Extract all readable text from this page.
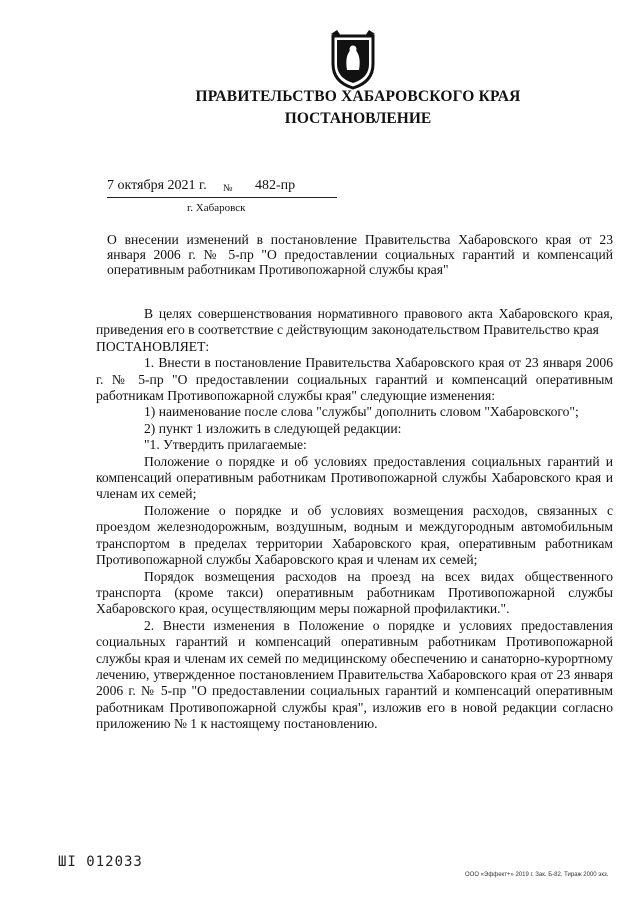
ПРАВИТЕЛЬСТВО ХАБАРОВСКОГО КРАЯ
ПОСТАНОВЛЕНИЕ
7 октября 2021 г. № 482-пр
г. Хабаровск
О внесении изменений в постановление Правительства Хабаровского края от 23 января 2006 г. № 5-пр "О предоставлении социальных гарантий и компенсаций оперативным работникам Противопожарной службы края"

В целях совершенствования нормативного правового акта Хабаровского края, приведения его в соответствие с действующим законодательством Правительство края

ПОСТАНОВЛЯЕТ:

1. Внести в постановление Правительства Хабаровского края от 23 января 2006 г. № 5-пр "О предоставлении социальных гарантий и компенсаций оперативным работникам Противопожарной службы края" следующие изменения:

1) наименование после слова "службы" дополнить словом "Хабаровского";

2) пункт 1 изложить в следующей редакции:

"1. Утвердить прилагаемые:

Положение о порядке и об условиях предоставления социальных гарантий и компенсаций оперативным работникам Противопожарной службы Хабаровского края и членам их семей;

Положение о порядке и об условиях возмещения расходов, связанных с проездом железнодорожным, воздушным, водным и междугородным автомобильным транспортом в пределах территории Хабаровского края, оперативным работникам Противопожарной службы Хабаровского края и членам их семей;

Порядок возмещения расходов на проезд на всех видах общественного транспорта (кроме такси) оперативным работникам Противопожарной службы Хабаровского края, осуществляющим меры пожарной профилактики.".

2. Внести изменения в Положение о порядке и условиях предоставления социальных гарантий и компенсаций оперативным работникам Противопожарной службы края и членам их семей по медицинскому обеспечению и санаторно-курортному лечению, утвержденное постановлением Правительства Хабаровского края от 23 января 2006 г. № 5-пр "О предоставлении социальных гарантий и компенсаций оперативным работникам Противопожарной службы края", изложив его в новой редакции согласно приложению № 1 к настоящему постановлению.

ШI 012033
ООО «Эффект+» 2019 г. Зак. Б-82. Тираж 2000 экз.
